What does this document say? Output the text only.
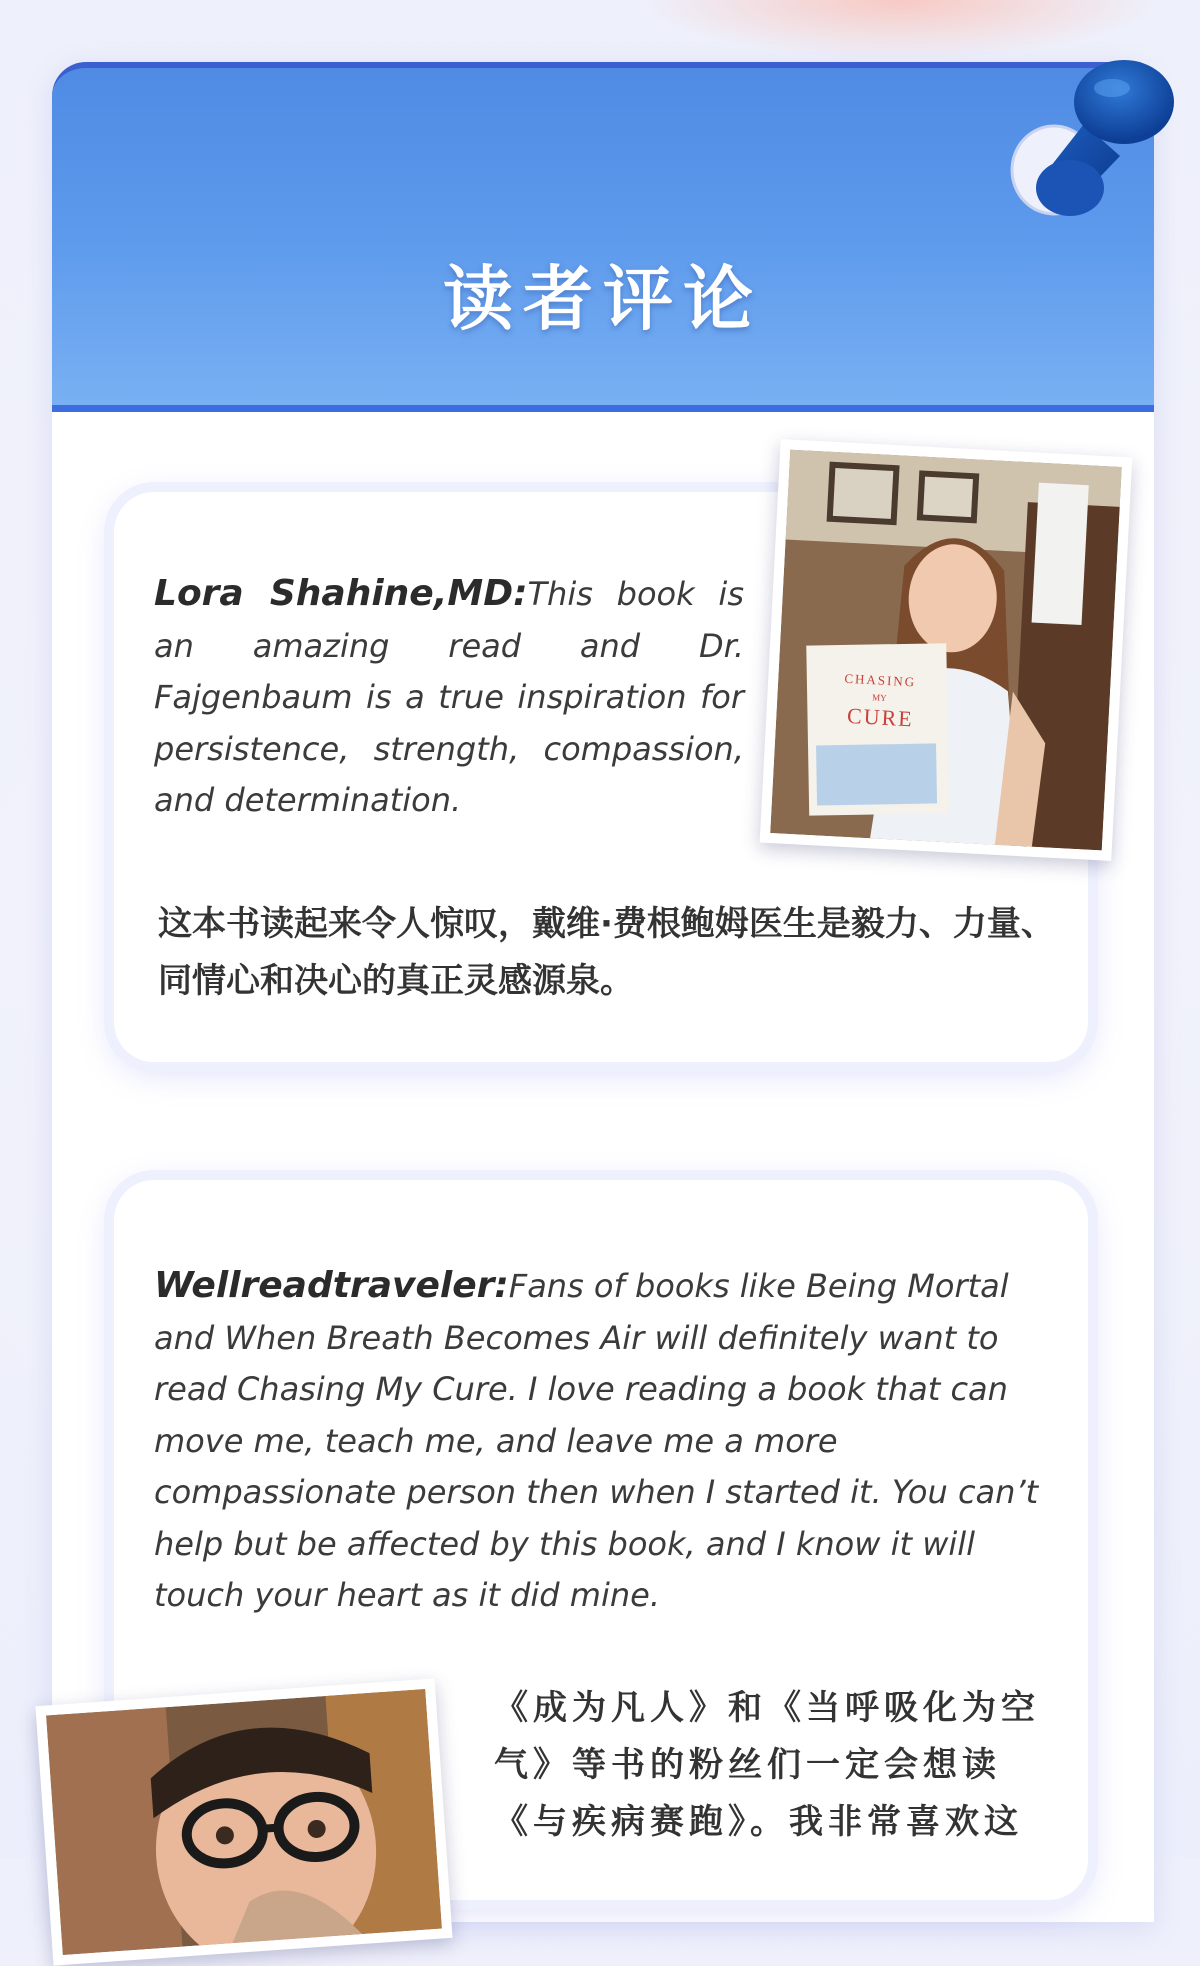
读者评论

Lora Shahine,MD:This book is an amazing read and Dr. Fajgenbaum is a true inspiration for persistence, strength, compassion, and determination.

这本书读起来令人惊叹，戴维·费根鲍姆医生是毅力、力量、同情心和决心的真正灵感源泉。

CHASING
MY
CURE

Wellreadtraveler:Fans of books like Being Mortal and When Breath Becomes Air will definitely want to read Chasing My Cure. I love reading a book that can move me, teach me, and leave me a more compassionate person then when I started it. You can’t help but be affected by this book, and I know it will touch your heart as it did mine.

《成为凡人》和《当呼吸化为空气》等书的粉丝们一定会想读《与疾病赛跑》。我非常喜欢这
